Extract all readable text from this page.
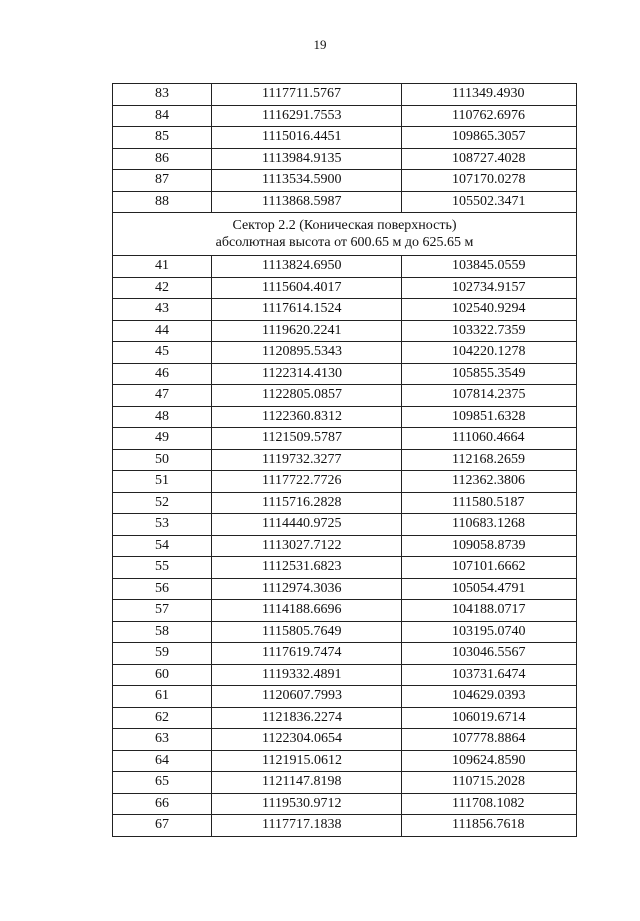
19
83	1117711.5767	111349.4930
84	1116291.7553	110762.6976
85	1115016.4451	109865.3057
86	1113984.9135	108727.4028
87	1113534.5900	107170.0278
88	1113868.5987	105502.3471

Сектор 2.2 (Коническая поверхность)
абсолютная высота от 600.65 м до 625.65 м		

41	1113824.6950	103845.0559
42	1115604.4017	102734.9157
43	1117614.1524	102540.9294
44	1119620.2241	103322.7359
45	1120895.5343	104220.1278
46	1122314.4130	105855.3549
47	1122805.0857	107814.2375
48	1122360.8312	109851.6328
49	1121509.5787	111060.4664
50	1119732.3277	112168.2659
51	1117722.7726	112362.3806
52	1115716.2828	111580.5187
53	1114440.9725	110683.1268
54	1113027.7122	109058.8739
55	1112531.6823	107101.6662
56	1112974.3036	105054.4791
57	1114188.6696	104188.0717
58	1115805.7649	103195.0740
59	1117619.7474	103046.5567
60	1119332.4891	103731.6474
61	1120607.7993	104629.0393
62	1121836.2274	106019.6714
63	1122304.0654	107778.8864
64	1121915.0612	109624.8590
65	1121147.8198	110715.2028
66	1119530.9712	111708.1082
67	1117717.1838	111856.7618
